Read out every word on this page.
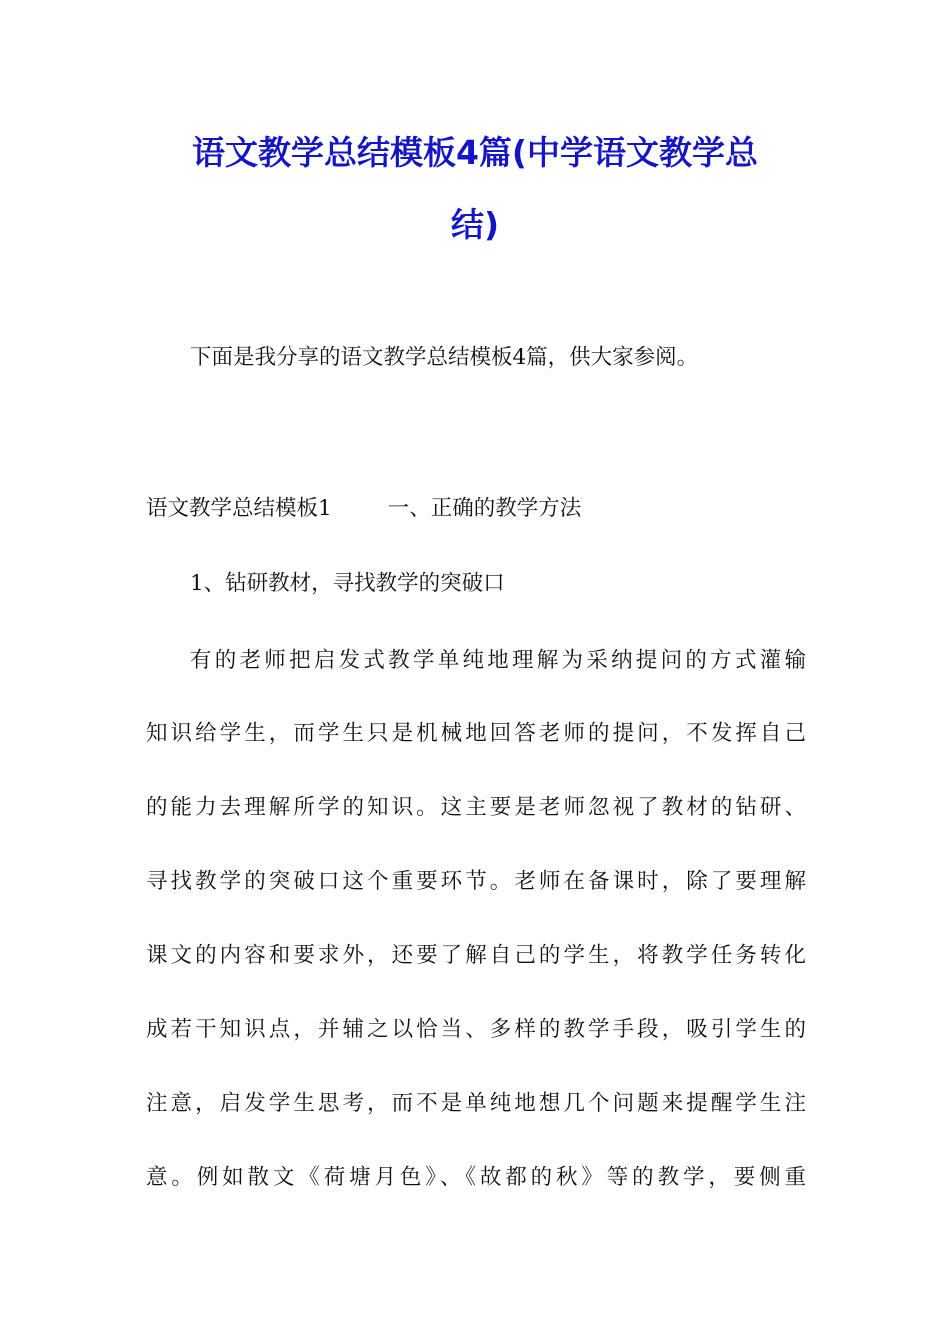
语文教学总结模板4篇(中学语文教学总
结)

下面是我分享的语文教学总结模板4篇，供大家参阅。

语文教学总结模板1	一、正确的教学方法

1、钻研教材，寻找教学的突破口

有的老师把启发式教学单纯地理解为采纳提问的方式灌输

知识给学生，而学生只是机械地回答老师的提问，不发挥自己

的能力去理解所学的知识。这主要是老师忽视了教材的钻研、

寻找教学的突破口这个重要环节。老师在备课时，除了要理解

课文的内容和要求外，还要了解自己的学生，将教学任务转化

成若干知识点，并辅之以恰当、多样的教学手段，吸引学生的

注意，启发学生思考，而不是单纯地想几个问题来提醒学生注

意。例如散文《荷塘月色》、《故都的秋》等的教学，要侧重
